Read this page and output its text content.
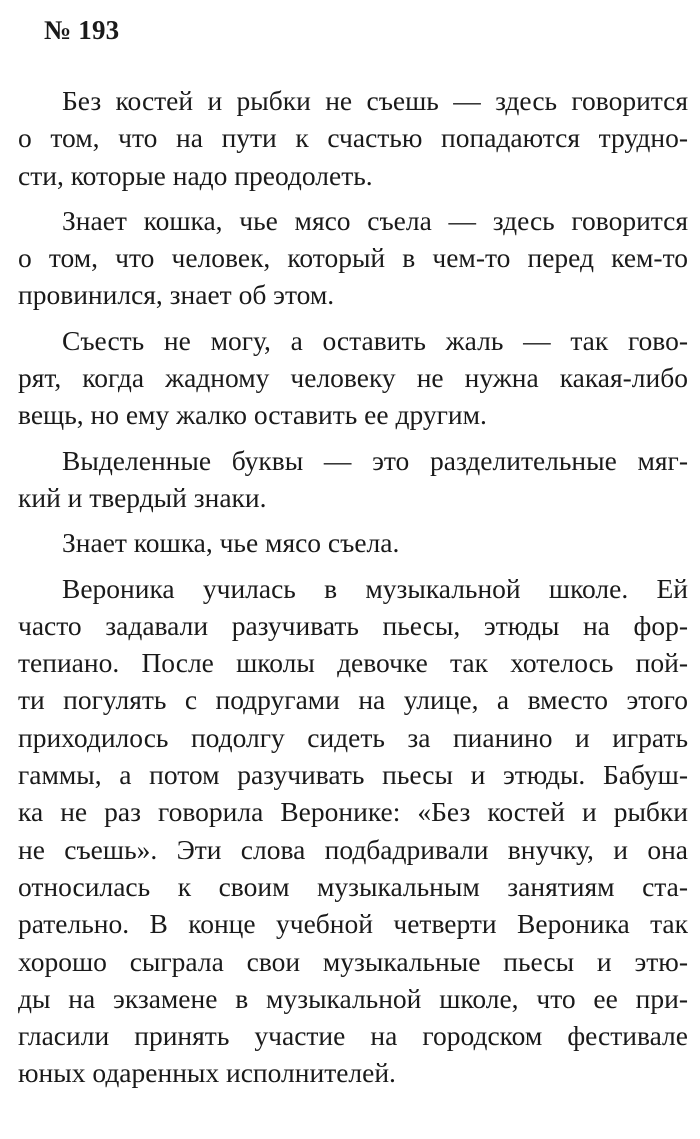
№ 193
Без костей и рыбки не съешь — здесь говорится
о том, что на пути к счастью попадаются трудно-
сти, которые надо преодолеть.
Знает кошка, чье мясо съела — здесь говорится
о том, что человек, который в чем-то перед кем-то
провинился, знает об этом.
Съесть не могу, а оставить жаль — так гово-
рят, когда жадному человеку не нужна какая-либо
вещь, но ему жалко оставить ее другим.
Выделенные буквы — это разделительные мяг-
кий и твердый знаки.
Знает кошка, чье мясо съела.
Вероника училась в музыкальной школе. Ей
часто задавали разучивать пьесы, этюды на фор-
тепиано. После школы девочке так хотелось пой-
ти погулять с подругами на улице, а вместо этого
приходилось подолгу сидеть за пианино и играть
гаммы, а потом разучивать пьесы и этюды. Бабуш-
ка не раз говорила Веронике: «Без костей и рыбки
не съешь». Эти слова подбадривали внучку, и она
относилась к своим музыкальным занятиям ста-
рательно. В конце учебной четверти Вероника так
хорошо сыграла свои музыкальные пьесы и этю-
ды на экзамене в музыкальной школе, что ее при-
гласили принять участие на городском фестивале
юных одаренных исполнителей.
